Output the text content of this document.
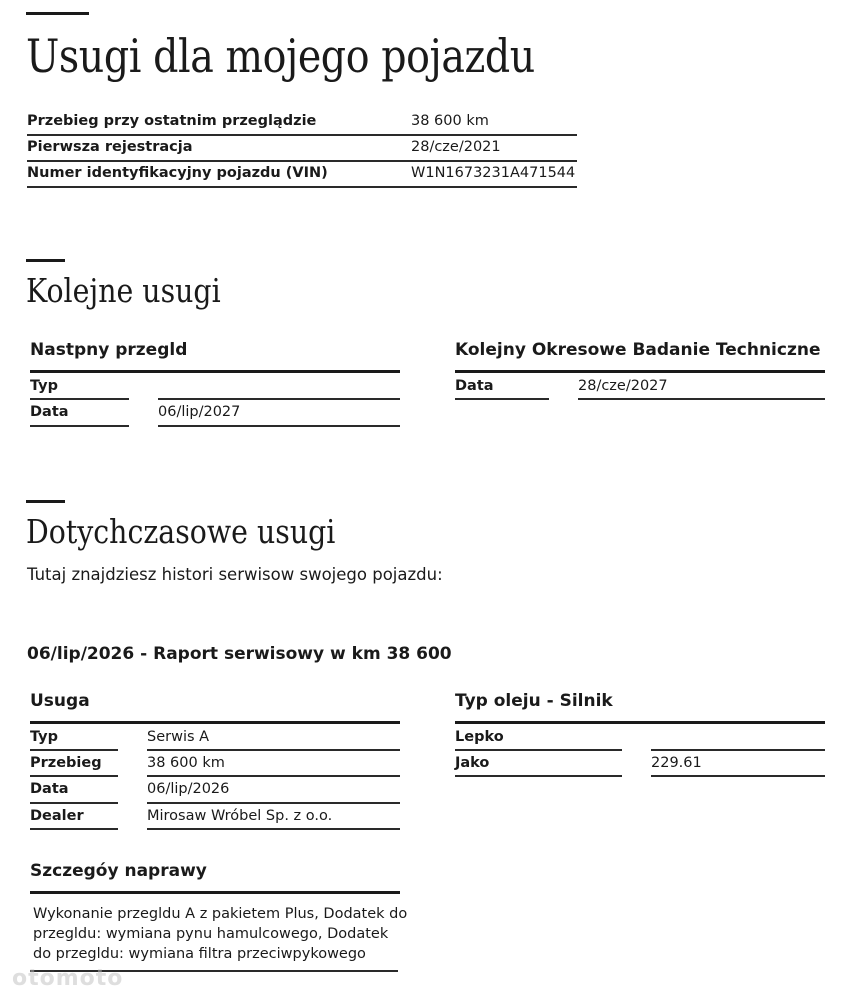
Usugi dla mojego pojazdu
Przebieg przy ostatnim przeglądzie	38 600 km
Pierwsza rejestracja	28/cze/2021
Numer identyfikacyjny pojazdu (VIN)	W1N1673231A471544
Kolejne usugi
Nastpny przegld
Typ
Data	06/lip/2027
Kolejny Okresowe Badanie Techniczne
Data	28/cze/2027
Dotychczasowe usugi
Tutaj znajdziesz histori serwisow swojego pojazdu:
06/lip/2026 - Raport serwisowy w km 38 600
Usuga
Typ	Serwis A
Przebieg	38 600 km
Data	06/lip/2026
Dealer	Mirosaw Wróbel Sp. z o.o.
Typ oleju - Silnik
Lepko
Jako	229.61
Szczegóy naprawy
Wykonanie przegldu A z pakietem Plus, Dodatek do
przegldu: wymiana pynu hamulcowego, Dodatek
do przegldu: wymiana filtra przeciwpykowego
otomoto
